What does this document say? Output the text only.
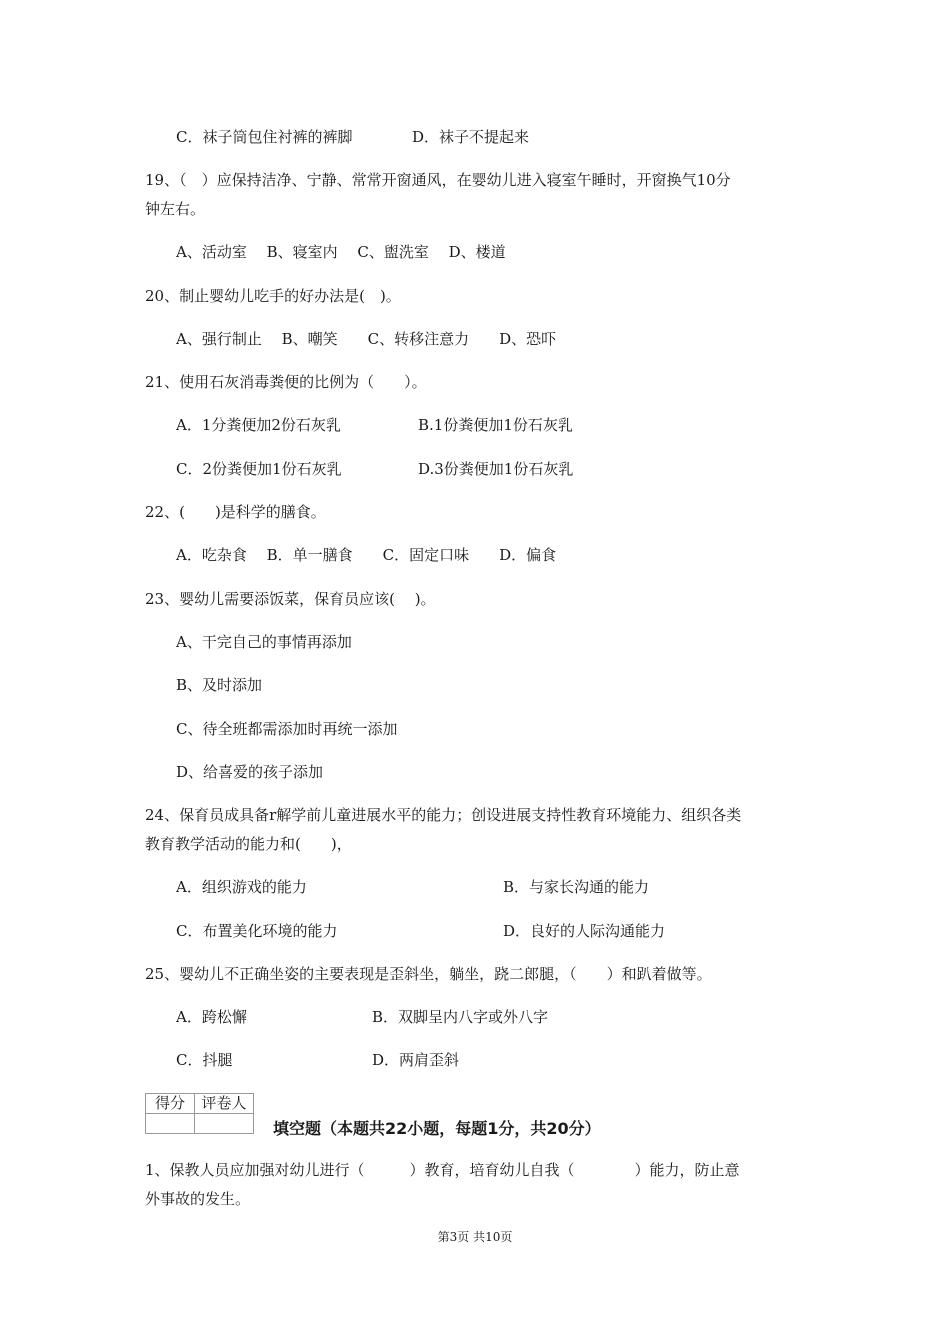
C．袜子筒包住衬裤的裤脚	D．袜子不提起来
19、（　）应保持洁净、宁静、常常开窗通风，在婴幼儿进入寝室午睡时，开窗换气10分
钟左右。
A、活动室　 B、寝室内　 C、盥洗室　 D、楼道
20、制止婴幼儿吃手的好办法是(　)。
A、强行制止　 B、嘲笑　　C、转移注意力　　D、恐吓
21、使用石灰消毒粪便的比例为（　　）。
A．1分粪便加2份石灰乳	B.1份粪便加1份石灰乳
C．2份粪便加1份石灰乳	D.3份粪便加1份石灰乳
22、(　　)是科学的膳食。
A．吃杂食　 B．单一膳食　　C．固定口味　　D．偏食
23、婴幼儿需要添饭菜，保育员应该(　 )。
A、干完自己的事情再添加
B、及时添加
C、待全班都需添加时再统一添加
D、给喜爱的孩子添加
24、保育员成具备r解学前儿童进展水平的能力；创设进展支持性教育环境能力、组织各类
教育教学活动的能力和(　　)，
A．组织游戏的能力	B．与家长沟通的能力
C．布置美化环境的能力	D．良好的人际沟通能力
25、婴幼儿不正确坐姿的主要表现是歪斜坐，躺坐，跷二郎腿，（　　）和趴着做等。
A．跨松懈	B．双脚呈内八字或外八字
C．抖腿	D．两肩歪斜
得分	评卷人

填空题（本题共22小题，每题1分，共20分）
1、保教人员应加强对幼儿进行（　　　）教育，培育幼儿自我（　　　　）能力，防止意
外事故的发生。
第3页 共10页
